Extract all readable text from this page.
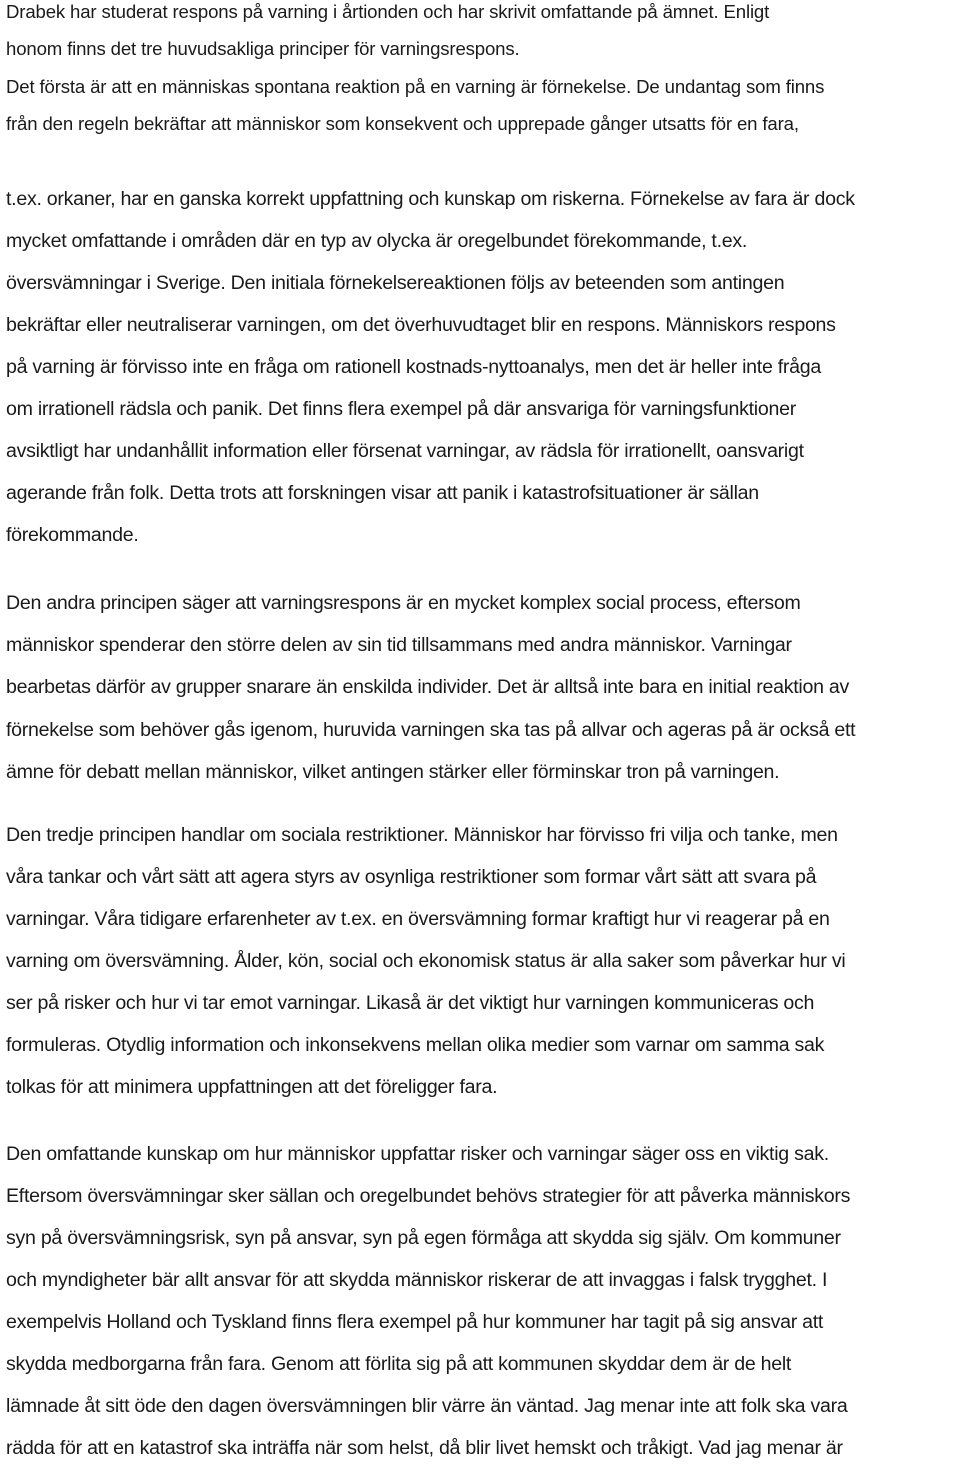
Drabek har studerat respons på varning i årtionden och har skrivit omfattande på ämnet. Enligt
honom finns det tre huvudsakliga principer för varningsrespons.
Det första är att en människas spontana reaktion på en varning är förnekelse. De undantag som finns
från den regeln bekräftar att människor som konsekvent och upprepade gånger utsatts för en fara,
t.ex. orkaner, har en ganska korrekt uppfattning och kunskap om riskerna. Förnekelse av fara är dock
mycket omfattande i områden där en typ av olycka är oregelbundet förekommande, t.ex.
översvämningar i Sverige. Den initiala förnekelsereaktionen följs av beteenden som antingen
bekräftar eller neutraliserar varningen, om det överhuvudtaget blir en respons. Människors respons
på varning är förvisso inte en fråga om rationell kostnads-nyttoanalys, men det är heller inte fråga
om irrationell rädsla och panik. Det finns flera exempel på där ansvariga för varningsfunktioner
avsiktligt har undanhållit information eller försenat varningar, av rädsla för irrationellt, oansvarigt
agerande från folk. Detta trots att forskningen visar att panik i katastrofsituationer är sällan
förekommande.
Den andra principen säger att varningsrespons är en mycket komplex social process, eftersom
människor spenderar den större delen av sin tid tillsammans med andra människor. Varningar
bearbetas därför av grupper snarare än enskilda individer. Det är alltså inte bara en initial reaktion av
förnekelse som behöver gås igenom, huruvida varningen ska tas på allvar och ageras på är också ett
ämne för debatt mellan människor, vilket antingen stärker eller förminskar tron på varningen.
Den tredje principen handlar om sociala restriktioner. Människor har förvisso fri vilja och tanke, men
våra tankar och vårt sätt att agera styrs av osynliga restriktioner som formar vårt sätt att svara på
varningar. Våra tidigare erfarenheter av t.ex. en översvämning formar kraftigt hur vi reagerar på en
varning om översvämning. Ålder, kön, social och ekonomisk status är alla saker som påverkar hur vi
ser på risker och hur vi tar emot varningar. Likaså är det viktigt hur varningen kommuniceras och
formuleras. Otydlig information och inkonsekvens mellan olika medier som varnar om samma sak
tolkas för att minimera uppfattningen att det föreligger fara.
Den omfattande kunskap om hur människor uppfattar risker och varningar säger oss en viktig sak.
Eftersom översvämningar sker sällan och oregelbundet behövs strategier för att påverka människors
syn på översvämningsrisk, syn på ansvar, syn på egen förmåga att skydda sig själv. Om kommuner
och myndigheter bär allt ansvar för att skydda människor riskerar de att invaggas i falsk trygghet. I
exempelvis Holland och Tyskland finns flera exempel på hur kommuner har tagit på sig ansvar att
skydda medborgarna från fara. Genom att förlita sig på att kommunen skyddar dem är de helt
lämnade åt sitt öde den dagen översvämningen blir värre än väntad. Jag menar inte att folk ska vara
rädda för att en katastrof ska inträffa när som helst, då blir livet hemskt och tråkigt. Vad jag menar är
